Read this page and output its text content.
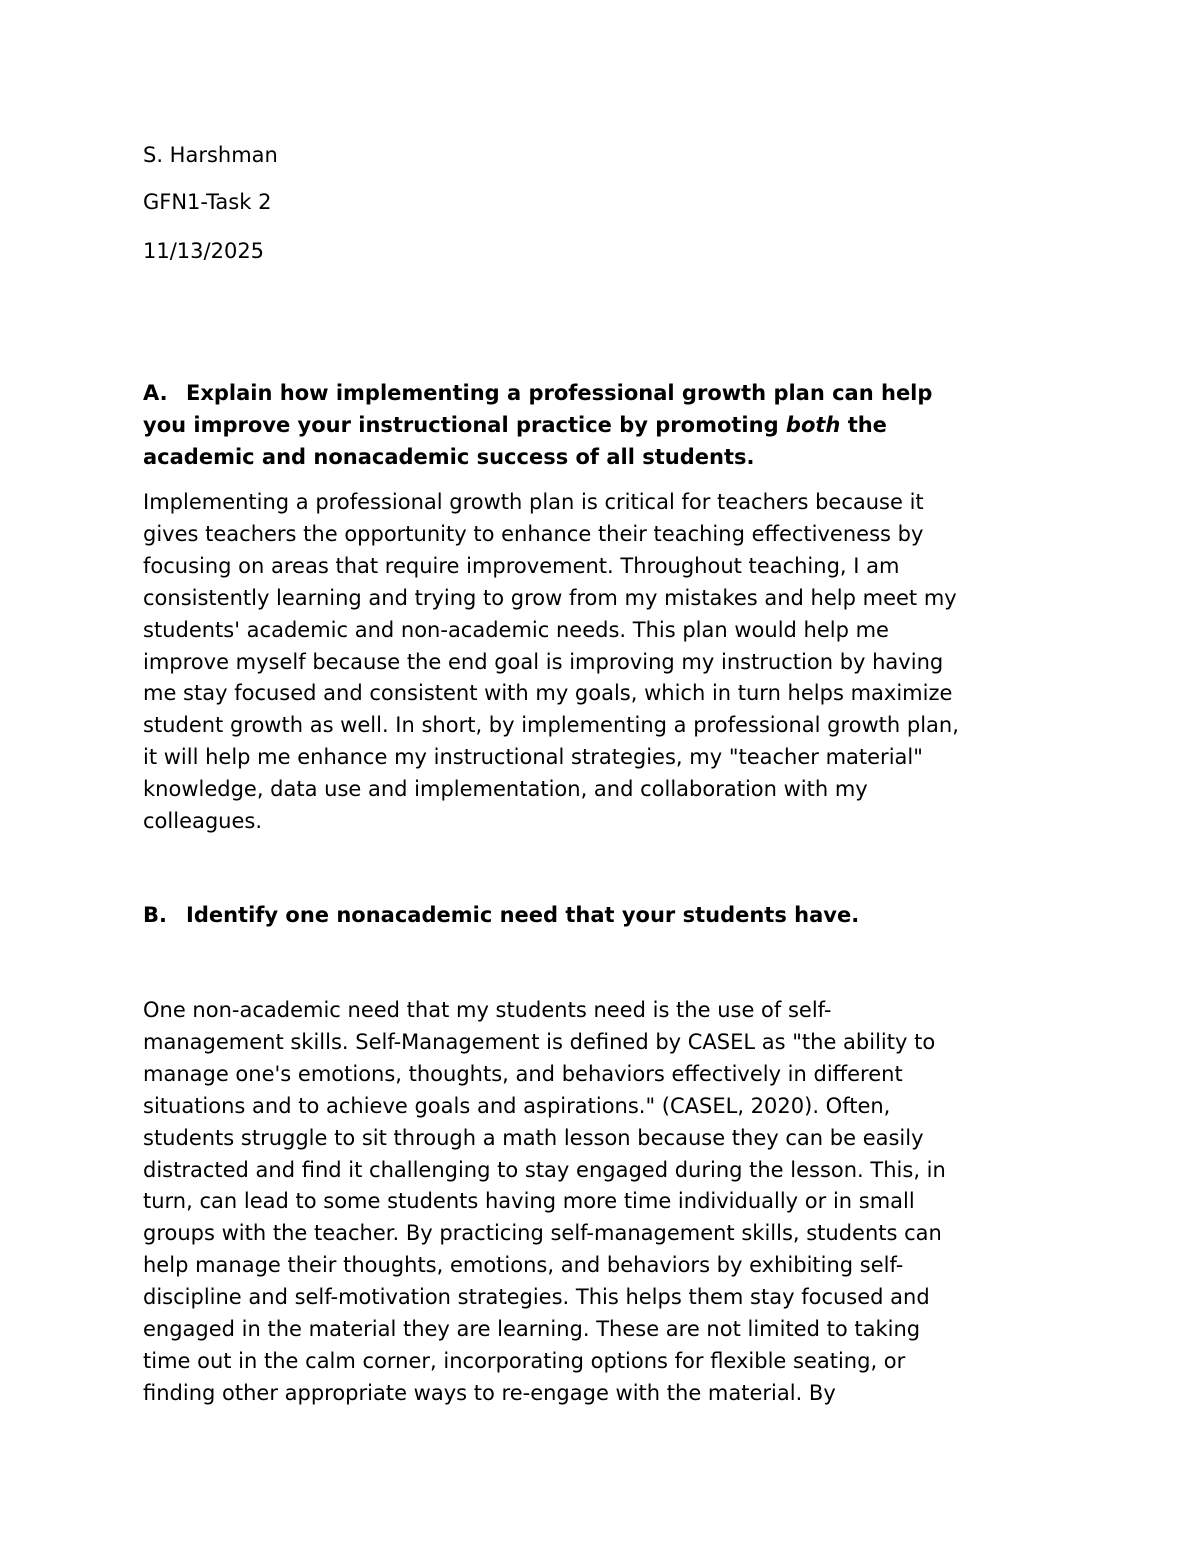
S. Harshman
GFN1-Task 2
11/13/2025
A. Explain how implementing a professional growth plan can help
you improve your instructional practice by promoting both the
academic and nonacademic success of all students.
Implementing a professional growth plan is critical for teachers because it
gives teachers the opportunity to enhance their teaching effectiveness by
focusing on areas that require improvement. Throughout teaching, I am
consistently learning and trying to grow from my mistakes and help meet my
students' academic and non-academic needs. This plan would help me
improve myself because the end goal is improving my instruction by having
me stay focused and consistent with my goals, which in turn helps maximize
student growth as well. In short, by implementing a professional growth plan,
it will help me enhance my instructional strategies, my "teacher material"
knowledge, data use and implementation, and collaboration with my
colleagues.
B. Identify one nonacademic need that your students have.
One non-academic need that my students need is the use of self-
management skills. Self-Management is defined by CASEL as "the ability to
manage one's emotions, thoughts, and behaviors effectively in different
situations and to achieve goals and aspirations." (CASEL, 2020). Often,
students struggle to sit through a math lesson because they can be easily
distracted and find it challenging to stay engaged during the lesson. This, in
turn, can lead to some students having more time individually or in small
groups with the teacher. By practicing self-management skills, students can
help manage their thoughts, emotions, and behaviors by exhibiting self-
discipline and self-motivation strategies. This helps them stay focused and
engaged in the material they are learning. These are not limited to taking
time out in the calm corner, incorporating options for flexible seating, or
finding other appropriate ways to re-engage with the material. By
